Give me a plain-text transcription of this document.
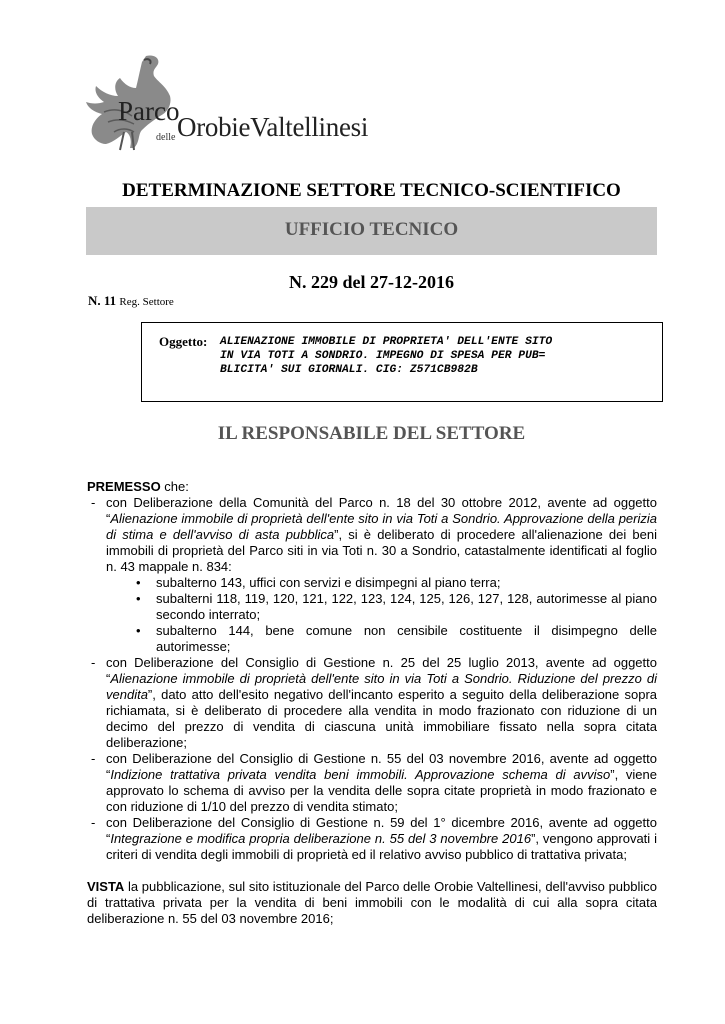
Parco
delle OrobieValtellinesi
DETERMINAZIONE SETTORE TECNICO-SCIENTIFICO
UFFICIO TECNICO
N. 229 del 27-12-2016
N. 11 Reg. Settore
Oggetto: ALIENAZIONE IMMOBILE DI PROPRIETA' DELL'ENTE SITO
IN VIA TOTI A SONDRIO. IMPEGNO DI SPESA PER PUB=
BLICITA' SUI GIORNALI. CIG: Z571CB982B
IL RESPONSABILE DEL SETTORE

PREMESSO che:

- con Deliberazione della Comunità del Parco n. 18 del 30 ottobre 2012, avente ad oggetto “Alienazione immobile di proprietà dell'ente sito in via Toti a Sondrio. Approvazione della perizia di stima e dell'avviso di asta pubblica”, si è deliberato di procedere all'alienazione dei beni immobili di proprietà del Parco siti in via Toti n. 30 a Sondrio, catastalmente identificati al foglio n. 43 mappale n. 834:
• subalterno 143, uffici con servizi e disimpegni al piano terra;
• subalterni 118, 119, 120, 121, 122, 123, 124, 125, 126, 127, 128, autorimesse al piano secondo interrato;
• subalterno 144, bene comune non censibile costituente il disimpegno delle autorimesse;
- con Deliberazione del Consiglio di Gestione n. 25 del 25 luglio 2013, avente ad oggetto “Alienazione immobile di proprietà dell'ente sito in via Toti a Sondrio. Riduzione del prezzo di vendita”, dato atto dell'esito negativo dell'incanto esperito a seguito della deliberazione sopra richiamata, si è deliberato di procedere alla vendita in modo frazionato con riduzione di un decimo del prezzo di vendita di ciascuna unità immobiliare fissato nella sopra citata deliberazione;
- con Deliberazione del Consiglio di Gestione n. 55 del 03 novembre 2016, avente ad oggetto “Indizione trattativa privata vendita beni immobili. Approvazione schema di avviso”, viene approvato lo schema di avviso per la vendita delle sopra citate proprietà in modo frazionato e con riduzione di 1/10 del prezzo di vendita stimato;
- con Deliberazione del Consiglio di Gestione n. 59 del 1° dicembre 2016, avente ad oggetto “Integrazione e modifica propria deliberazione n. 55 del 3 novembre 2016”, vengono approvati i criteri di vendita degli immobili di proprietà ed il relativo avviso pubblico di trattativa privata;

VISTA la pubblicazione, sul sito istituzionale del Parco delle Orobie Valtellinesi, dell'avviso pubblico di trattativa privata per la vendita di beni immobili con le modalità di cui alla sopra citata deliberazione n. 55 del 03 novembre 2016;
